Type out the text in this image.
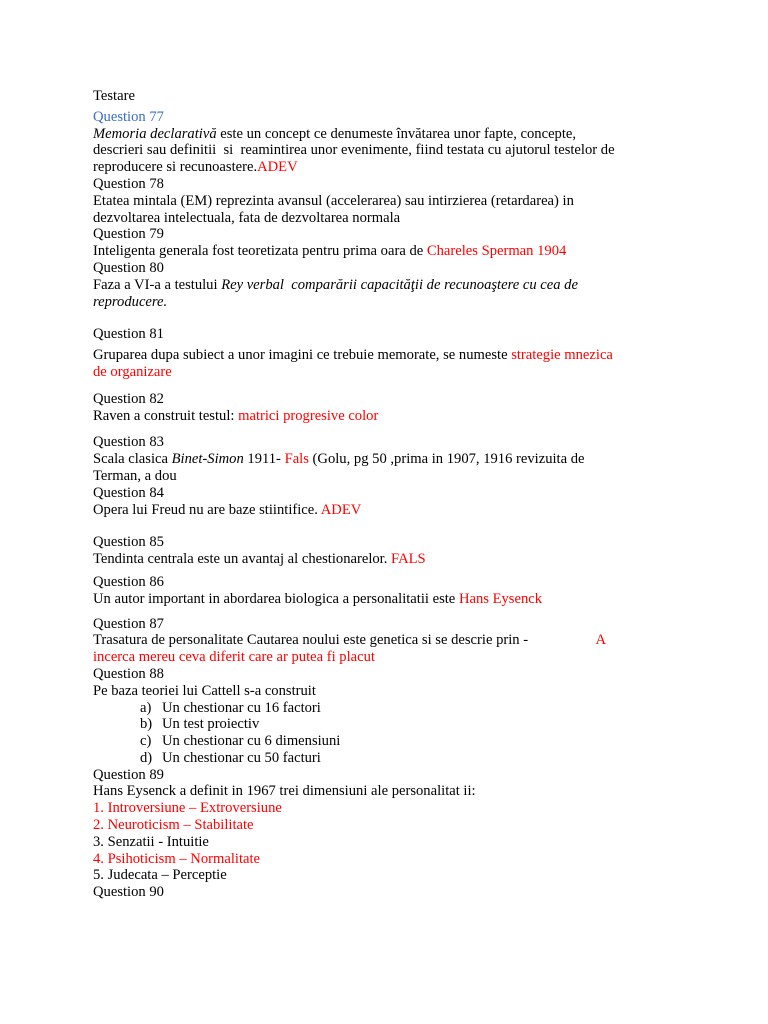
Testare
Question 77
Memoria declarativă este un concept ce denumeste învătarea unor fapte, concepte,
descrieri sau definitii  si  reamintirea unor evenimente, fiind testata cu ajutorul testelor de
reproducere si recunoastere.ADEV
Question 78
Etatea mintala (EM) reprezinta avansul (accelerarea) sau intirzierea (retardarea) in
dezvoltarea intelectuala, fata de dezvoltarea normala
Question 79
Inteligenta generala fost teoretizata pentru prima oara de Chareles Sperman 1904
Question 80
Faza a VI-a a testului Rey verbal  comparării capacităţii de recunoaştere cu cea de
reproducere.
Question 81
Gruparea dupa subiect a unor imagini ce trebuie memorate, se numeste strategie mnezica
de organizare
Question 82
Raven a construit testul: matrici progresive color
Question 83
Scala clasica Binet-Simon 1911- Fals (Golu, pg 50 ,prima in 1907, 1916 revizuita de
Terman, a dou
Question 84
Opera lui Freud nu are baze stiintifice. ADEV
Question 85
Tendinta centrala este un avantaj al chestionarelor. FALS
Question 86
Un autor important in abordarea biologica a personalitatii este Hans Eysenck
Question 87
A
Trasatura de personalitate Cautarea noului este genetica si se descrie prin -
incerca mereu ceva diferit care ar putea fi placut
Question 88
Pe baza teoriei lui Cattell s-a construit
a) Un chestionar cu 16 factori
b) Un test proiectiv
c) Un chestionar cu 6 dimensiuni
d) Un chestionar cu 50 facturi
Question 89
Hans Eysenck a definit in 1967 trei dimensiuni ale personalitat ii:
1. Introversiune – Extroversiune
2. Neuroticism – Stabilitate
3. Senzatii - Intuitie
4. Psihoticism – Normalitate
5. Judecata – Perceptie
Question 90
